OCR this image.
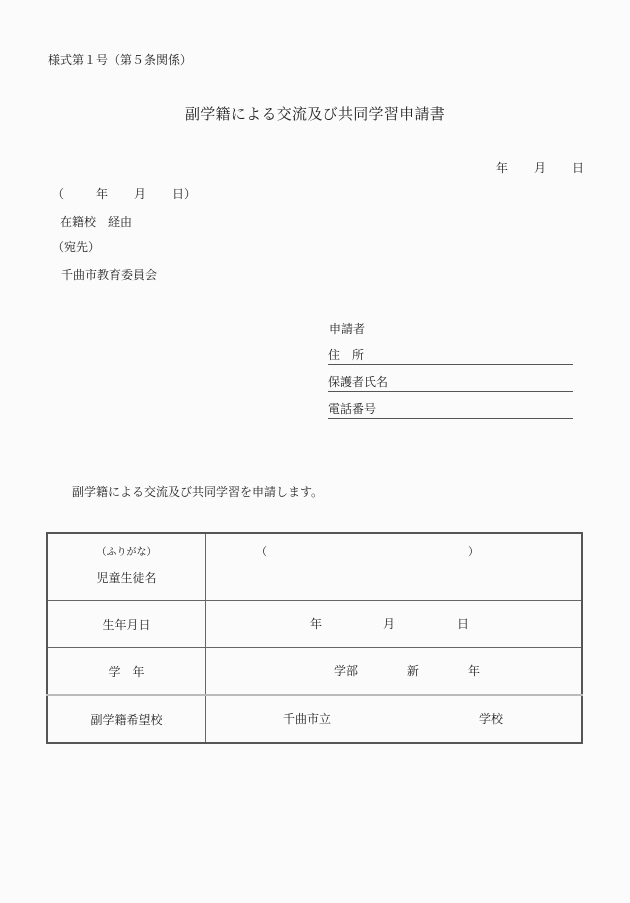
様式第１号（第５条関係）
副学籍による交流及び共同学習申請書
年 月 日
（	年 月 日）
在籍校　経由
（宛先）
千曲市教育委員会
申請者
住　所
保護者氏名
電話番号
副学籍による交流及び共同学習を申請します。
（ふりがな）
児童生徒名

（	）

生年月日	年 月 日

学　年	学部 新 年

副学籍希望校	千曲市立 学校
